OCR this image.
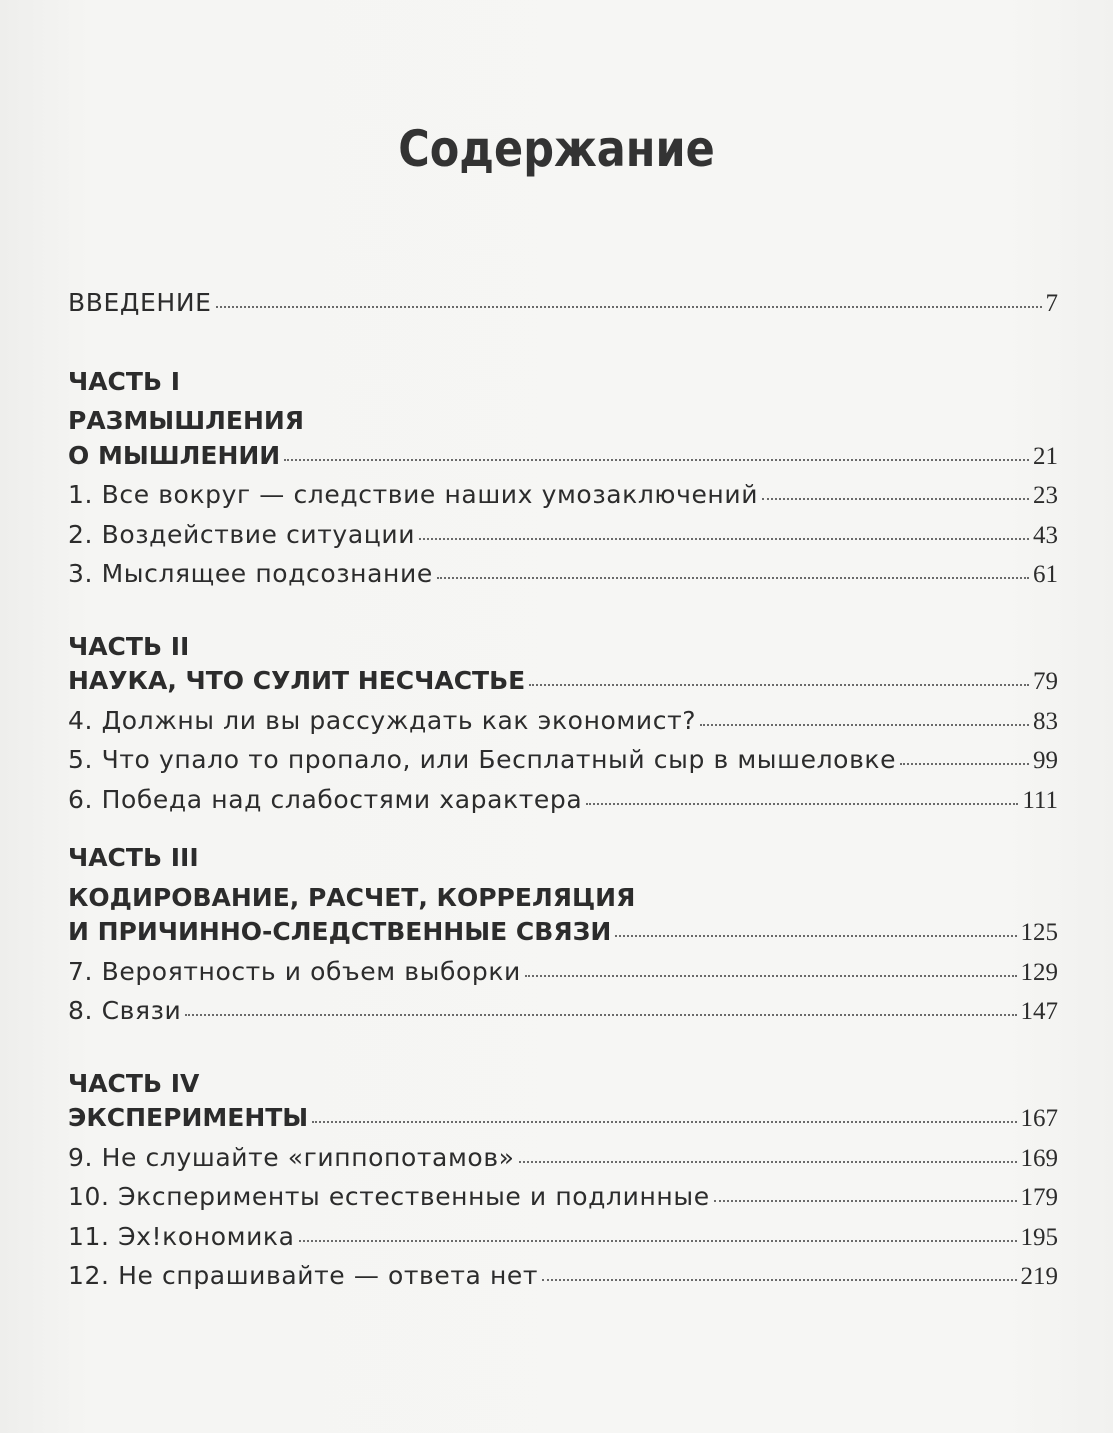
Содержание
ВВЕДЕНИЕ	7
ЧАСТЬ I
РАЗМЫШЛЕНИЯ
О МЫШЛЕНИИ	21
1. Все вокруг — следствие наших умозаключений	23
2. Воздействие ситуации	43
3. Мыслящее подсознание	61
ЧАСТЬ II
НАУКА, ЧТО СУЛИТ НЕСЧАСТЬЕ	79
4. Должны ли вы рассуждать как экономист?	83
5. Что упало то пропало, или Бесплатный сыр в мышеловке	99
6. Победа над слабостями характера	111
ЧАСТЬ III
КОДИРОВАНИЕ, РАСЧЕТ, КОРРЕЛЯЦИЯ
И ПРИЧИННО-СЛЕДСТВЕННЫЕ СВЯЗИ	125
7. Вероятность и объем выборки	129
8. Связи	147
ЧАСТЬ IV
ЭКСПЕРИМЕНТЫ	167
9. Не слушайте «гиппопотамов»	169
10. Эксперименты естественные и подлинные	179
11. Эх!кономика	195
12. Не спрашивайте — ответа нет	219
